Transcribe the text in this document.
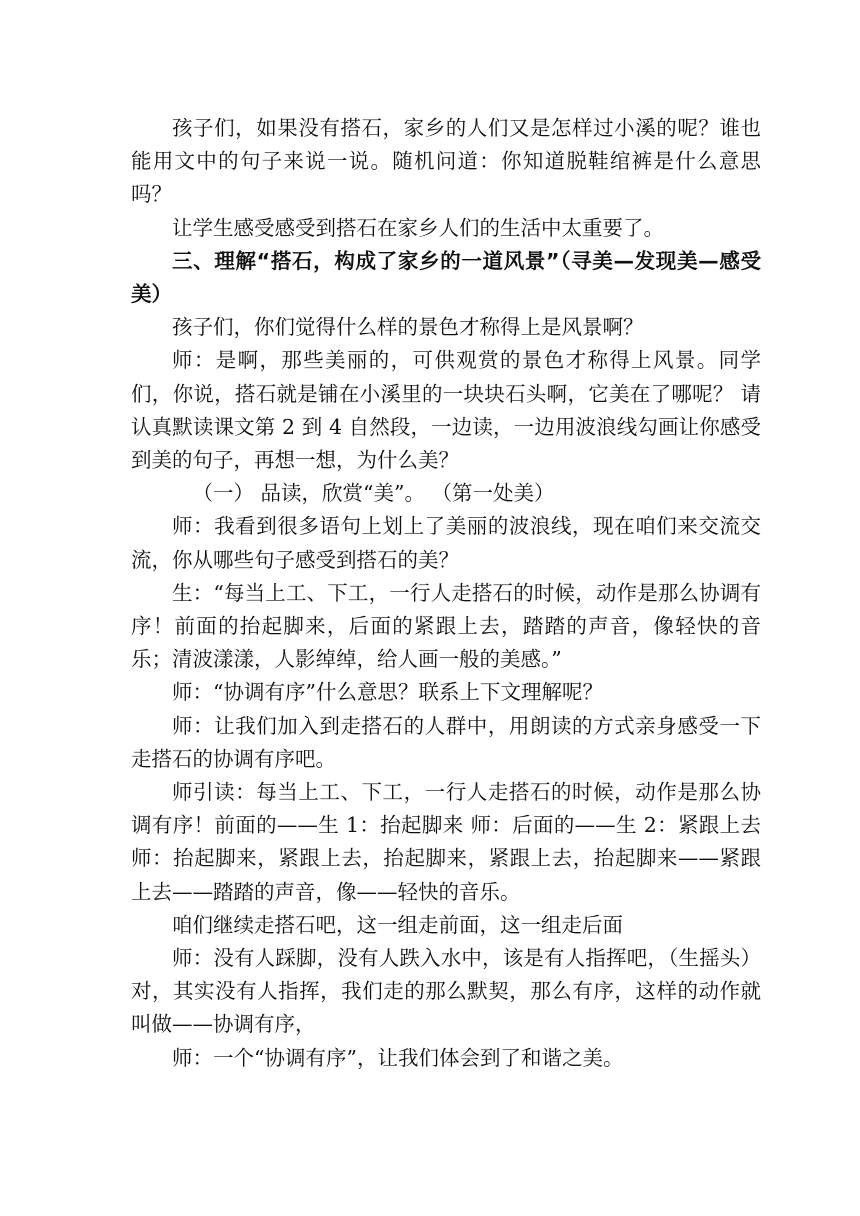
孩子们，如果没有搭石，家乡的人们又是怎样过小溪的呢？谁也能用文中的句子来说一说。随机问道：你知道脱鞋绾裤是什么意思吗？

让学生感受感受到搭石在家乡人们的生活中太重要了。

三、理解“搭石，构成了家乡的一道风景”（寻美—发现美—感受美）

孩子们，你们觉得什么样的景色才称得上是风景啊？

师：是啊，那些美丽的，可供观赏的景色才称得上风景。同学们，你说，搭石就是铺在小溪里的一块块石头啊，它美在了哪呢？ 请认真默读课文第 2 到 4 自然段，一边读，一边用波浪线勾画让你感受到美的句子，再想一想，为什么美？

（一） 品读，欣赏“美”。 （第一处美）

师：我看到很多语句上划上了美丽的波浪线，现在咱们来交流交流，你从哪些句子感受到搭石的美？

生：“每当上工、下工，一行人走搭石的时候，动作是那么协调有序！前面的抬起脚来，后面的紧跟上去，踏踏的声音，像轻快的音乐；清波漾漾，人影绰绰，给人画一般的美感。”

师：“协调有序”什么意思？联系上下文理解呢？

师：让我们加入到走搭石的人群中，用朗读的方式亲身感受一下走搭石的协调有序吧。

师引读：每当上工、下工，一行人走搭石的时候，动作是那么协调有序！前面的——生 1：抬起脚来 师：后面的——生 2：紧跟上去 师：抬起脚来，紧跟上去，抬起脚来，紧跟上去，抬起脚来——紧跟上去——踏踏的声音，像——轻快的音乐。

咱们继续走搭石吧，这一组走前面，这一组走后面

师：没有人踩脚，没有人跌入水中，该是有人指挥吧，（生摇头）对，其实没有人指挥，我们走的那么默契，那么有序，这样的动作就叫做——协调有序，

师：一个“协调有序”，让我们体会到了和谐之美。
